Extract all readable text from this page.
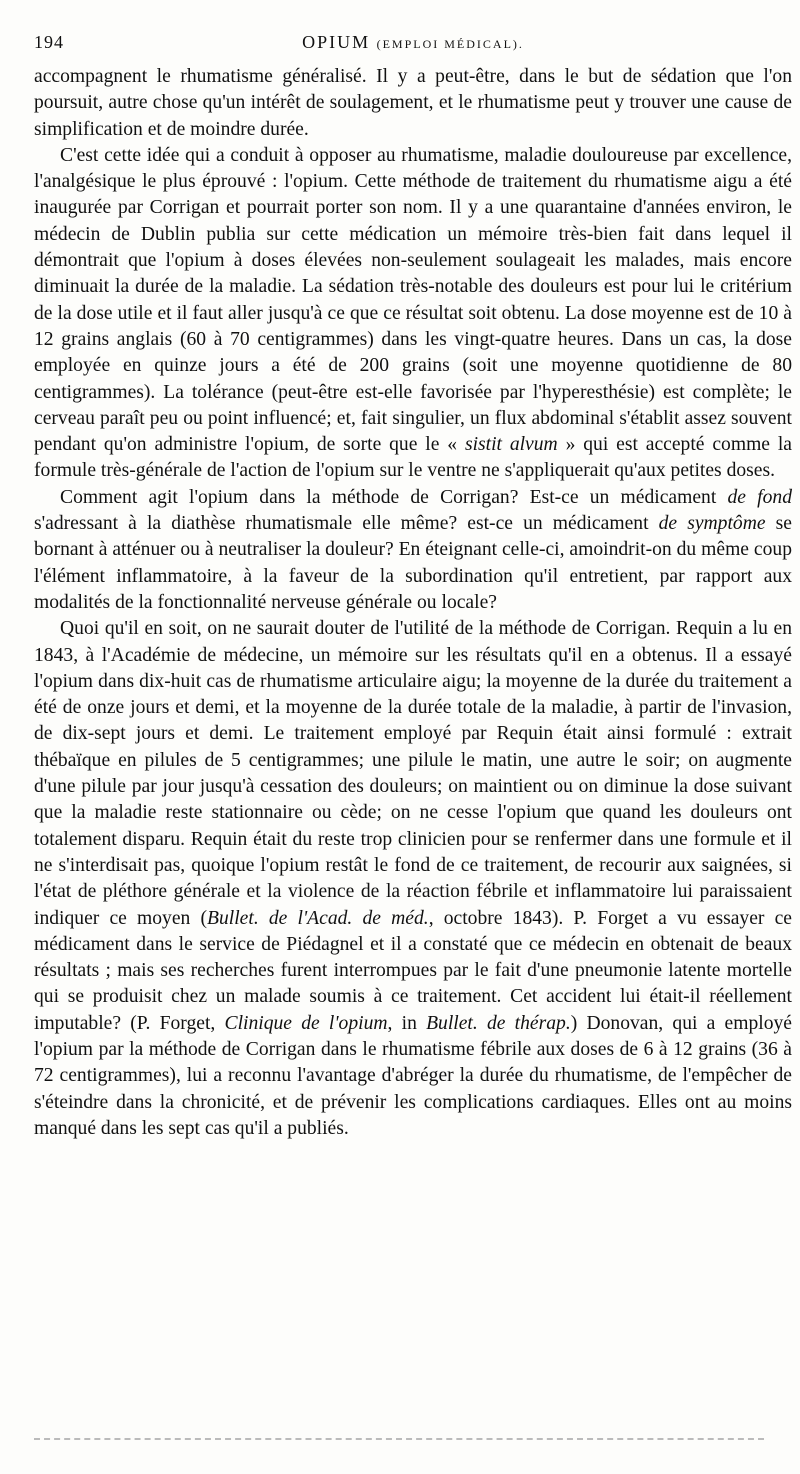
194	OPIUM (EMPLOI MÉDICAL).

accompagnent le rhumatisme généralisé. Il y a peut-être, dans le but de sédation que l'on poursuit, autre chose qu'un intérêt de soulagement, et le rhumatisme peut y trouver une cause de simplification et de moindre durée.

C'est cette idée qui a conduit à opposer au rhumatisme, maladie douloureuse par excellence, l'analgésique le plus éprouvé : l'opium. Cette méthode de traitement du rhumatisme aigu a été inaugurée par Corrigan et pourrait porter son nom. Il y a une quarantaine d'années environ, le médecin de Dublin publia sur cette médication un mémoire très-bien fait dans lequel il démontrait que l'opium à doses élevées non-seulement soulageait les malades, mais encore diminuait la durée de la maladie. La sédation très-notable des douleurs est pour lui le critérium de la dose utile et il faut aller jusqu'à ce que ce résultat soit obtenu. La dose moyenne est de 10 à 12 grains anglais (60 à 70 centigrammes) dans les vingt-quatre heures. Dans un cas, la dose employée en quinze jours a été de 200 grains (soit une moyenne quotidienne de 80 centigrammes). La tolérance (peut-être est-elle favorisée par l'hyperesthésie) est complète; le cerveau paraît peu ou point influencé; et, fait singulier, un flux abdominal s'établit assez souvent pendant qu'on administre l'opium, de sorte que le « sistit alvum » qui est accepté comme la formule très-générale de l'action de l'opium sur le ventre ne s'appliquerait qu'aux petites doses.

Comment agit l'opium dans la méthode de Corrigan? Est-ce un médicament de fond s'adressant à la diathèse rhumatismale elle même? est-ce un médicament de symptôme se bornant à atténuer ou à neutraliser la douleur? En éteignant celle-ci, amoindrit-on du même coup l'élément inflammatoire, à la faveur de la subordination qu'il entretient, par rapport aux modalités de la fonctionnalité nerveuse générale ou locale?

Quoi qu'il en soit, on ne saurait douter de l'utilité de la méthode de Corrigan. Requin a lu en 1843, à l'Académie de médecine, un mémoire sur les résultats qu'il en a obtenus. Il a essayé l'opium dans dix-huit cas de rhumatisme articulaire aigu; la moyenne de la durée du traitement a été de onze jours et demi, et la moyenne de la durée totale de la maladie, à partir de l'invasion, de dix-sept jours et demi. Le traitement employé par Requin était ainsi formulé : extrait thébaïque en pilules de 5 centigrammes; une pilule le matin, une autre le soir; on augmente d'une pilule par jour jusqu'à cessation des douleurs; on maintient ou on diminue la dose suivant que la maladie reste stationnaire ou cède; on ne cesse l'opium que quand les douleurs ont totalement disparu. Requin était du reste trop clinicien pour se renfermer dans une formule et il ne s'interdisait pas, quoique l'opium restât le fond de ce traitement, de recourir aux saignées, si l'état de pléthore générale et la violence de la réaction fébrile et inflammatoire lui paraissaient indiquer ce moyen (Bullet. de l'Acad. de méd., octobre 1843). P. Forget a vu essayer ce médicament dans le service de Piédagnel et il a constaté que ce médecin en obtenait de beaux résultats ; mais ses recherches furent interrompues par le fait d'une pneumonie latente mortelle qui se produisit chez un malade soumis à ce traitement. Cet accident lui était-il réellement imputable? (P. Forget, Clinique de l'opium, in Bullet. de thérap.) Donovan, qui a employé l'opium par la méthode de Corrigan dans le rhumatisme fébrile aux doses de 6 à 12 grains (36 à 72 centigrammes), lui a reconnu l'avantage d'abréger la durée du rhumatisme, de l'empêcher de s'éteindre dans la chronicité, et de prévenir les complications cardiaques. Elles ont au moins manqué dans les sept cas qu'il a publiés.
